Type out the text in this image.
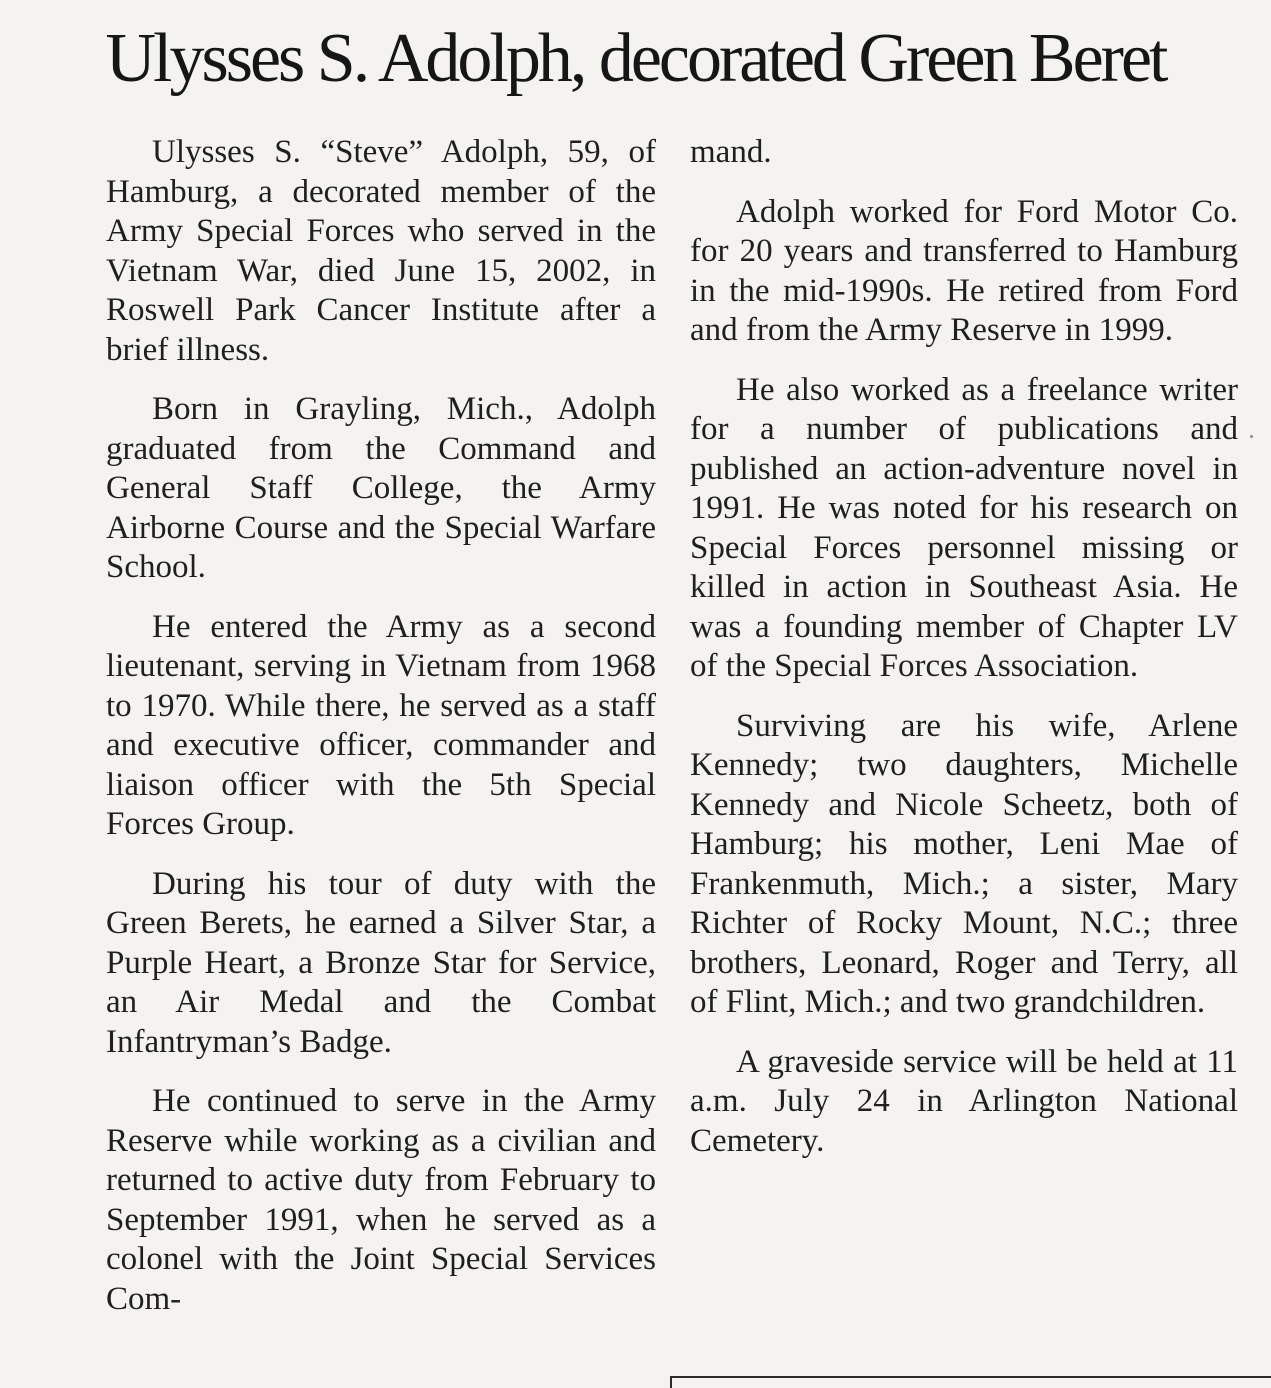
Ulysses S. Adolph, decorated Green Beret

Ulysses S. “Steve” Adolph, 59, of Hamburg, a decorated member of the Army Special Forces who served in the Vietnam War, died June 15, 2002, in Roswell Park Cancer Institute after a brief illness.

Born in Grayling, Mich., Adolph graduated from the Command and General Staff College, the Army Airborne Course and the Special Warfare School.

He entered the Army as a second lieutenant, serving in Vietnam from 1968 to 1970. While there, he served as a staff and executive officer, commander and liaison officer with the 5th Special Forces Group.

During his tour of duty with the Green Berets, he earned a Silver Star, a Purple Heart, a Bronze Star for Service, an Air Medal and the Combat Infantryman’s Badge.

He continued to serve in the Army Reserve while working as a civilian and returned to active duty from February to September 1991, when he served as a colonel with the Joint Special Services Com-

mand.

Adolph worked for Ford Motor Co. for 20 years and transferred to Hamburg in the mid-1990s. He retired from Ford and from the Army Reserve in 1999.

He also worked as a freelance writer for a number of publications and published an action-adventure novel in 1991. He was noted for his research on Special Forces personnel missing or killed in action in Southeast Asia. He was a founding member of Chapter LV of the Special Forces Association.

Surviving are his wife, Arlene Kennedy; two daughters, Michelle Kennedy and Nicole Scheetz, both of Hamburg; his mother, Leni Mae of Frankenmuth, Mich.; a sister, Mary Richter of Rocky Mount, N.C.; three brothers, Leonard, Roger and Terry, all of Flint, Mich.; and two grandchildren.

A graveside service will be held at 11 a.m. July 24 in Arlington National Cemetery.
